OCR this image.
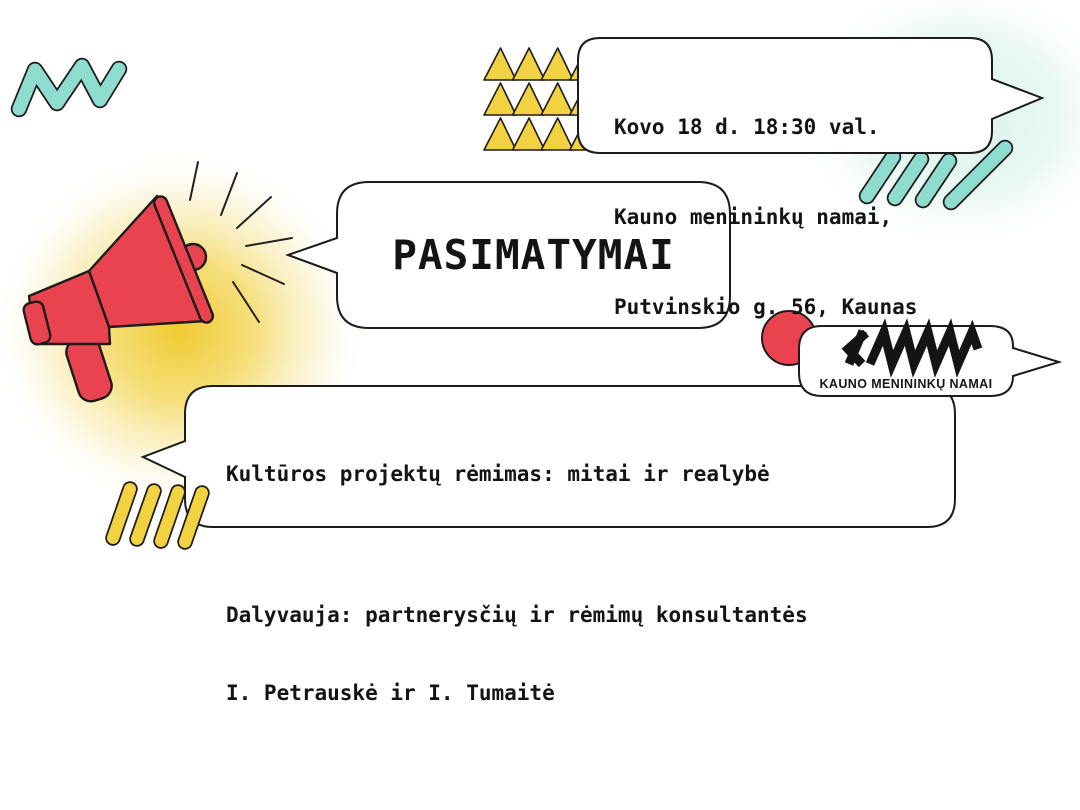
Kovo 18 d. 18:30 val.

Kauno menininkų namai,

Putvinskio g. 56, Kaunas

PASIMATYMAI
KAUNO MENININKŲ NAMAI

Kultūros projektų rėmimas: mitai ir realybė

Dalyvauja: partnerysčių ir rėmimų konsultantės

I. Petrauskė ir I. Tumaitė
